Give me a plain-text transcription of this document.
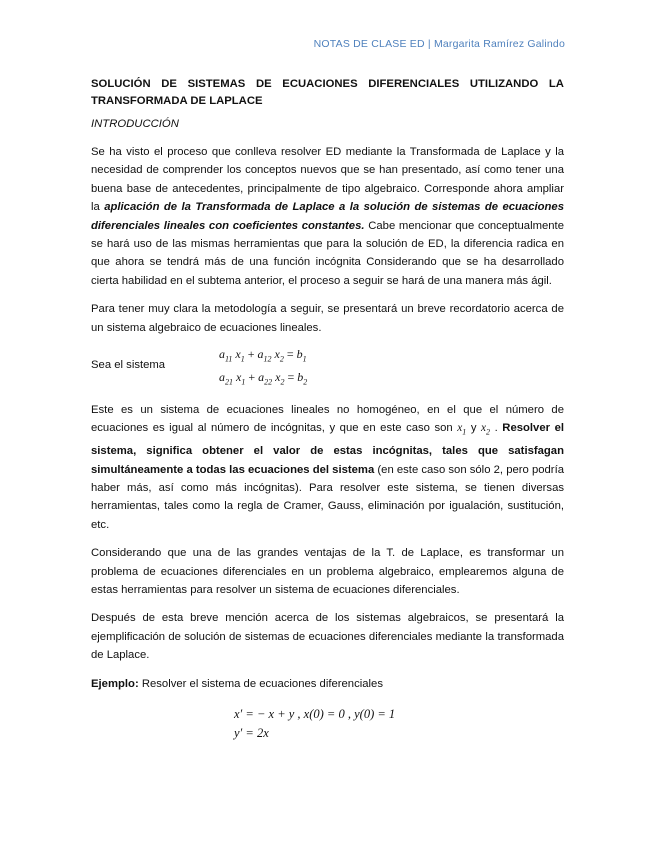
NOTAS DE CLASE ED | Margarita Ramírez Galindo
SOLUCIÓN DE SISTEMAS DE ECUACIONES DIFERENCIALES UTILIZANDO LA
TRANSFORMADA DE LAPLACE
INTRODUCCIÓN

Se ha visto el proceso que conlleva resolver ED mediante la Transformada de Laplace y la necesidad de comprender los conceptos nuevos que se han presentado, así como tener una buena base de antecedentes, principalmente de tipo algebraico. Corresponde ahora ampliar la aplicación de la Transformada de Laplace a la solución de sistemas de ecuaciones diferenciales lineales con coeficientes constantes. Cabe mencionar que conceptualmente se hará uso de las mismas herramientas que para la solución de ED, la diferencia radica en que ahora se tendrá más de una función incógnita Considerando que se ha desarrollado cierta habilidad en el subtema anterior, el proceso a seguir se hará de una manera más ágil.

Para tener muy clara la metodología a seguir, se presentará un breve recordatorio acerca de un sistema algebraico de ecuaciones lineales.

Sea el sistema
$a_{11}$ $x_1 + a_{12}$ $x_2 = b_1$
$a_{21}$ $x_1 + a_{22}$ $x_2 = b_2$

Este es un sistema de ecuaciones lineales no homogéneo, en el que el número de ecuaciones es igual al número de incógnitas, y que en este caso son $x_1$ y $x_2$ . Resolver el sistema, significa obtener el valor de estas incógnitas, tales que satisfagan simultáneamente a todas las ecuaciones del sistema (en este caso son sólo 2, pero podría haber más, así como más incógnitas). Para resolver este sistema, se tienen diversas herramientas, tales como la regla de Cramer, Gauss, eliminación por igualación, sustitución, etc.

Considerando que una de las grandes ventajas de la T. de Laplace, es transformar un problema de ecuaciones diferenciales en un problema algebraico, emplearemos alguna de estas herramientas para resolver un sistema de ecuaciones diferenciales.

Después de esta breve mención acerca de los sistemas algebraicos, se presentará la ejemplificación de solución de sistemas de ecuaciones diferenciales mediante la transformada de Laplace.

Ejemplo: Resolver el sistema de ecuaciones diferenciales

x′ = − x + y , x(0) = 0 , y(0) = 1
y′ = 2x
